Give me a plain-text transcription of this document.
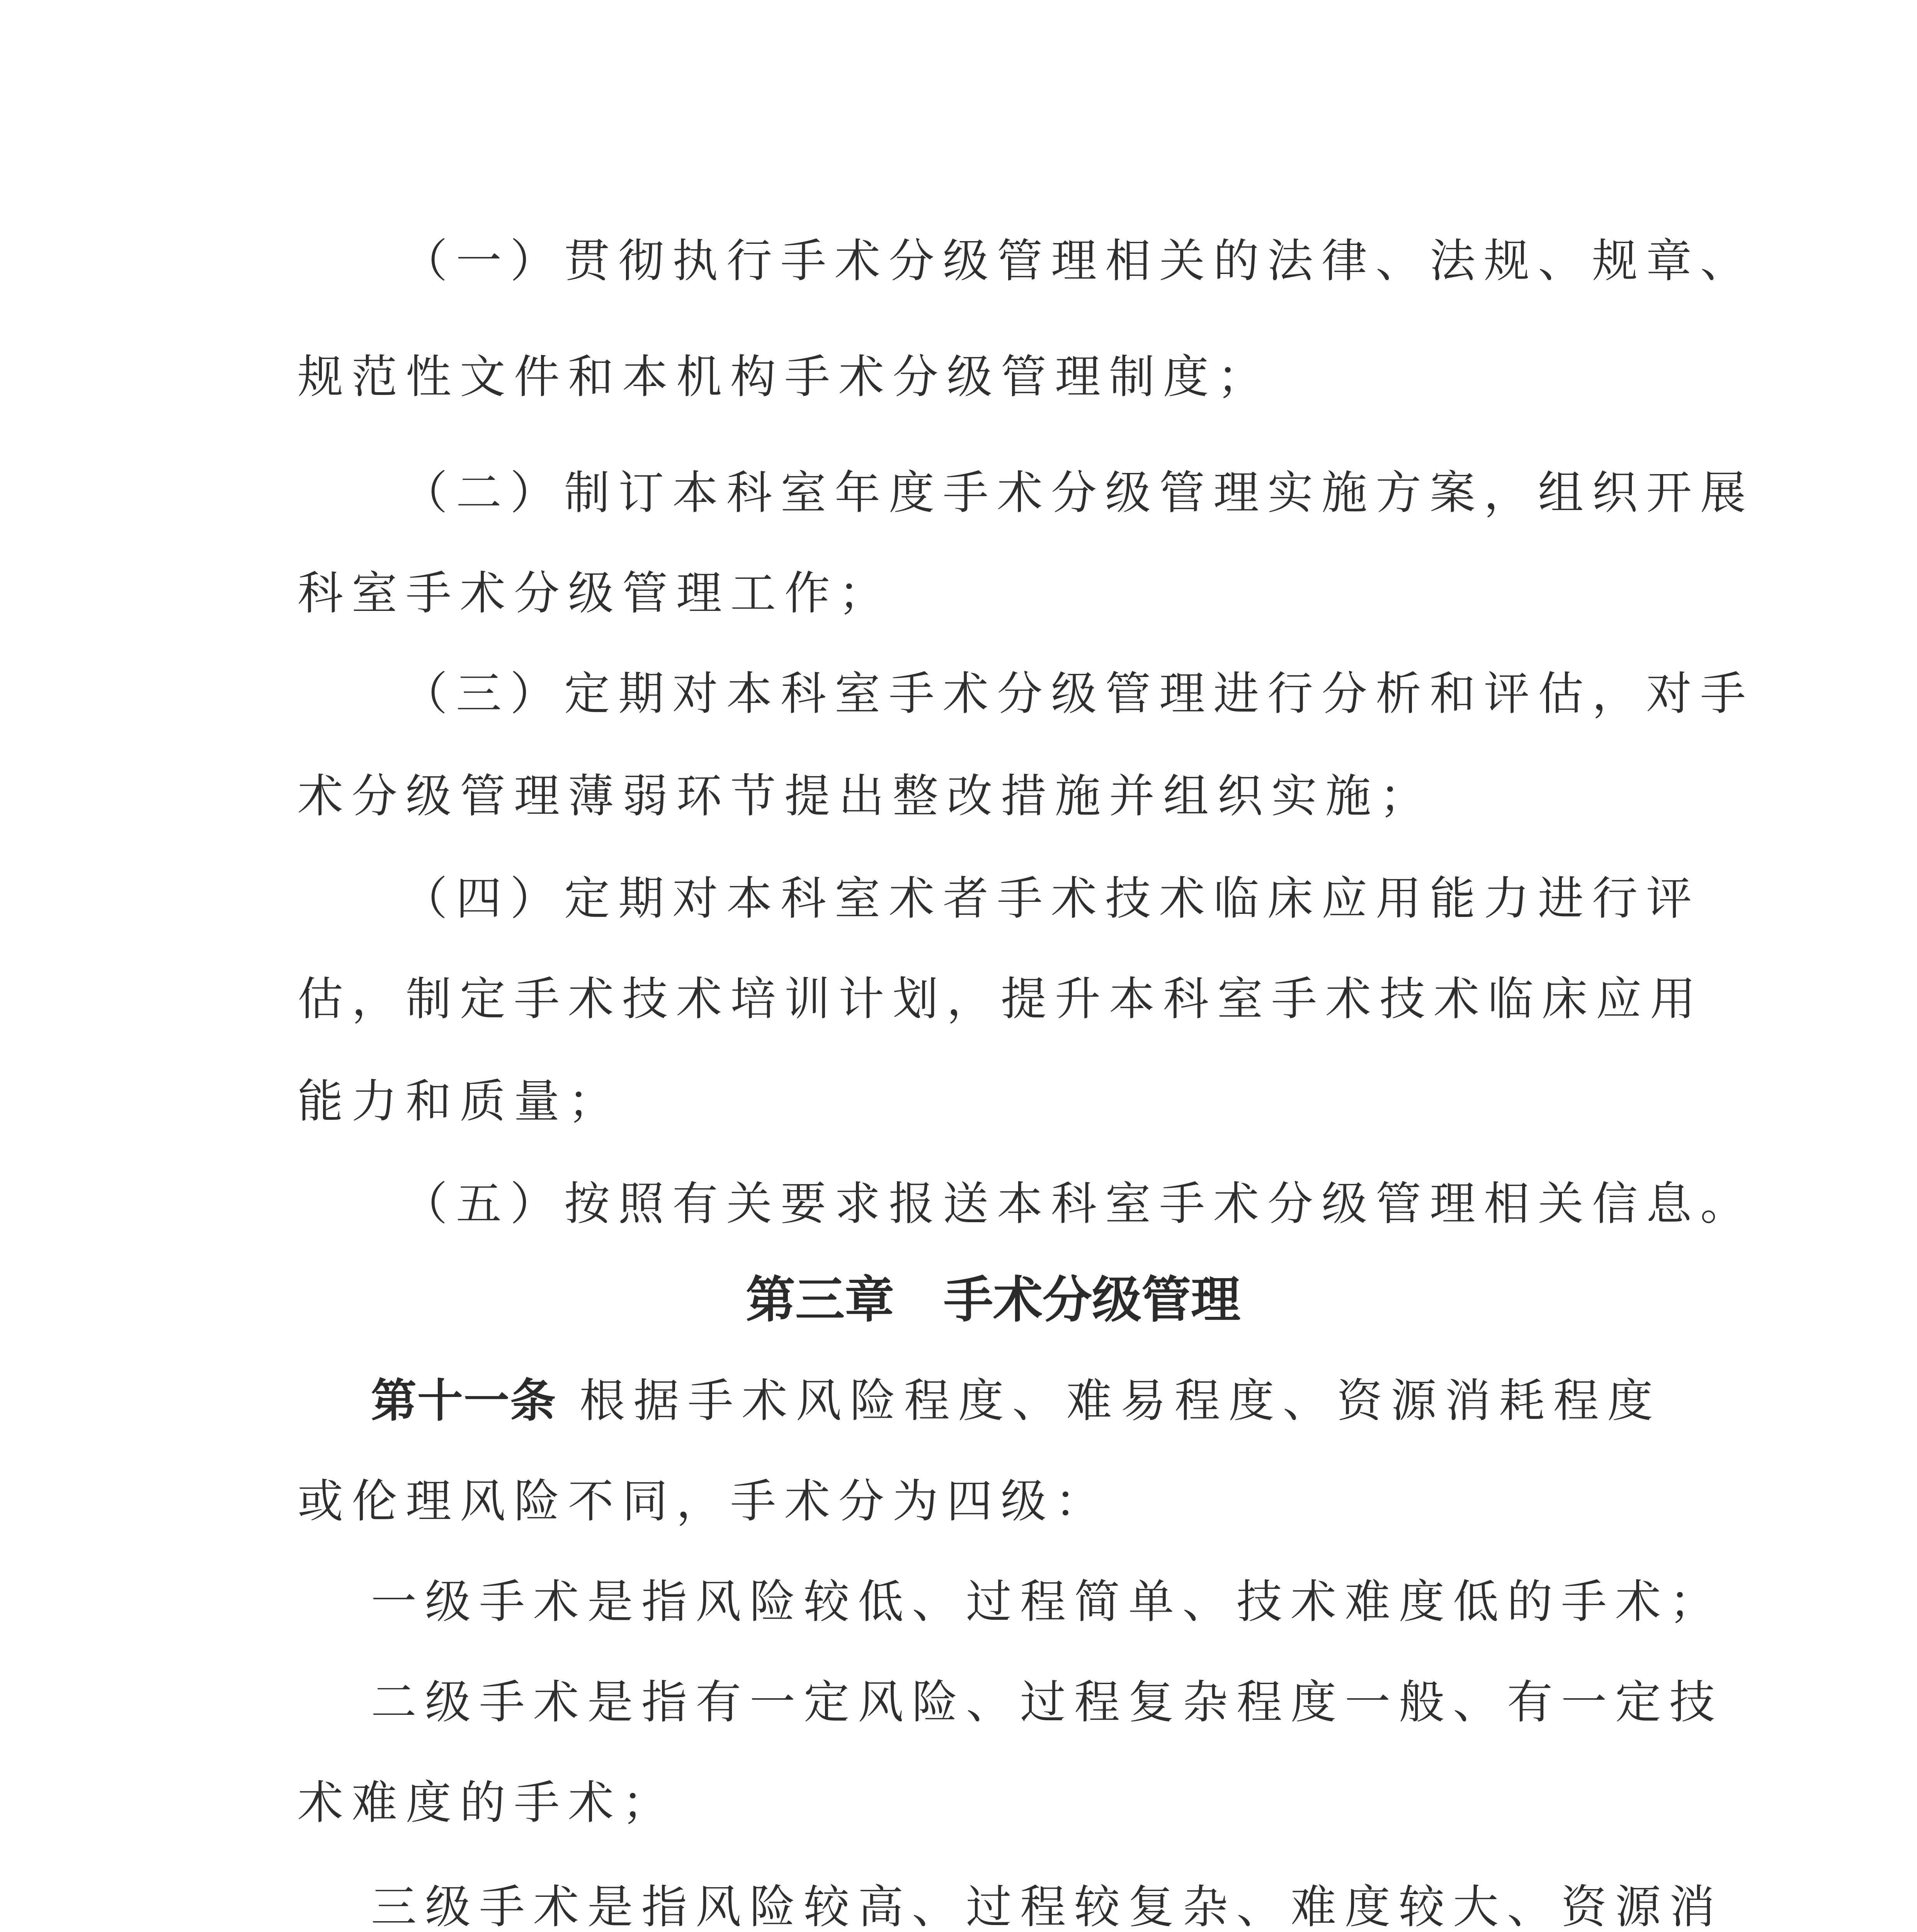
（一）贯彻执行手术分级管理相关的法律、法规、规章、
规范性文件和本机构手术分级管理制度；
（二）制订本科室年度手术分级管理实施方案，组织开展
科室手术分级管理工作；
（三）定期对本科室手术分级管理进行分析和评估，对手
术分级管理薄弱环节提出整改措施并组织实施；
（四）定期对本科室术者手术技术临床应用能力进行评
估，制定手术技术培训计划，提升本科室手术技术临床应用
能力和质量；
（五）按照有关要求报送本科室手术分级管理相关信息。
第三章　手术分级管理
第十一条 根据手术风险程度、难易程度、资源消耗程度
或伦理风险不同，手术分为四级：
一级手术是指风险较低、过程简单、技术难度低的手术；
二级手术是指有一定风险、过程复杂程度一般、有一定技
术难度的手术；
三级手术是指风险较高、过程较复杂、难度较大、资源消
